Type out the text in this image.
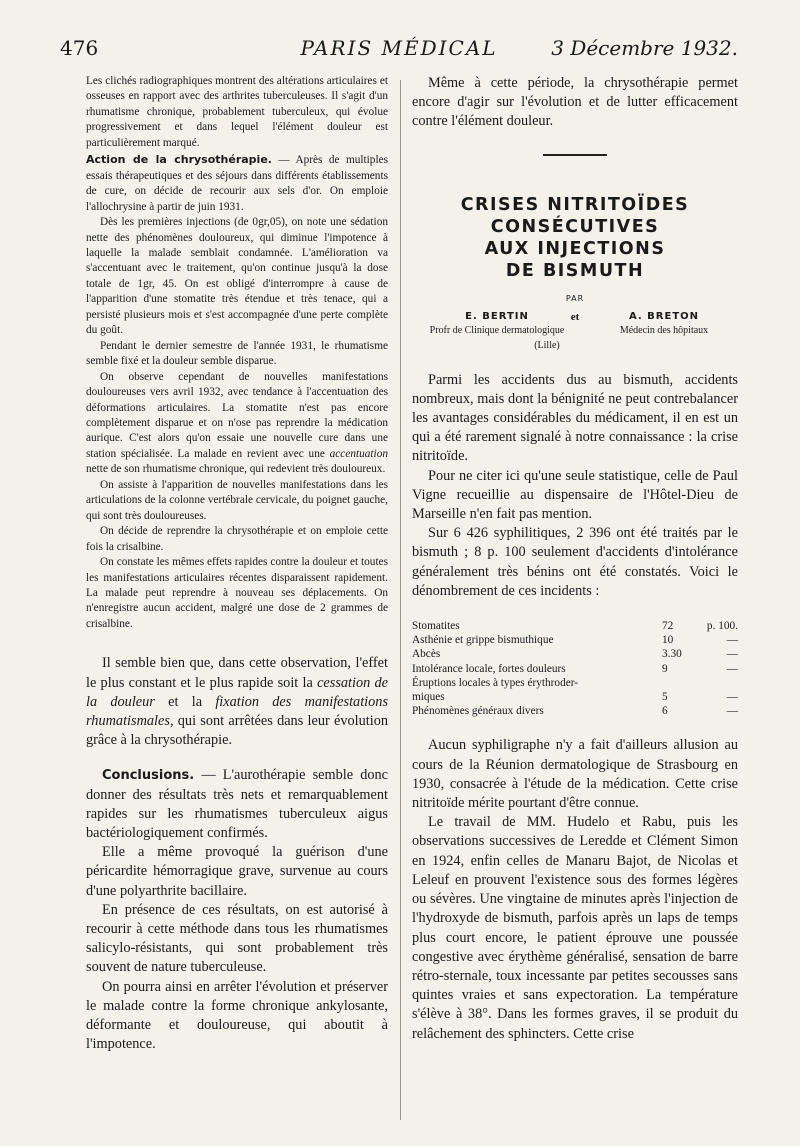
476	PARIS MÉDICAL	3 Décembre 1932.

Les clichés radiographiques montrent des altérations articulaires et osseuses en rapport avec des arthrites tuberculeuses. Il s'agit d'un rhumatisme chronique, probablement tuberculeux, qui évolue progressivement et dans lequel l'élément douleur est particulièrement marqué.

Action de la chrysothérapie. — Après de multiples essais thérapeutiques et des séjours dans différents établissements de cure, on décide de recourir aux sels d'or. On emploie l'allochrysine à partir de juin 1931.

Dès les premières injections (de 0gr,05), on note une sédation nette des phénomènes douloureux, qui diminue l'impotence à laquelle la malade semblait condamnée. L'amélioration va s'accentuant avec le traitement, qu'on continue jusqu'à la dose totale de 1gr, 45. On est obligé d'interrompre à cause de l'apparition d'une stomatite très étendue et très tenace, qui a persisté plusieurs mois et s'est accompagnée d'une perte complète du goût.

Pendant le dernier semestre de l'année 1931, le rhumatisme semble fixé et la douleur semble disparue.

On observe cependant de nouvelles manifestations douloureuses vers avril 1932, avec tendance à l'accentuation des déformations articulaires. La stomatite n'est pas encore complètement disparue et on n'ose pas reprendre la médication aurique. C'est alors qu'on essaie une nouvelle cure dans une station spécialisée. La malade en revient avec une accentuation nette de son rhumatisme chronique, qui redevient très douloureux.

On assiste à l'apparition de nouvelles manifestations dans les articulations de la colonne vertébrale cervicale, du poignet gauche, qui sont très douloureuses.

On décide de reprendre la chrysothérapie et on emploie cette fois la crisalbine.

On constate les mêmes effets rapides contre la douleur et toutes les manifestations articulaires récentes disparaissent rapidement. La malade peut reprendre à nouveau ses déplacements. On n'enregistre aucun accident, malgré une dose de 2 grammes de crisalbine.

Il semble bien que, dans cette observation, l'effet le plus constant et le plus rapide soit la cessation de la douleur et la fixation des manifestations rhumatismales, qui sont arrêtées dans leur évolution grâce à la chrysothérapie.

Conclusions. — L'aurothérapie semble donc donner des résultats très nets et remarquablement rapides sur les rhumatismes tuberculeux aigus bactériologiquement confirmés.

Elle a même provoqué la guérison d'une péricardite hémorragique grave, survenue au cours d'une polyarthrite bacillaire.

En présence de ces résultats, on est autorisé à recourir à cette méthode dans tous les rhumatismes salicylo-résistants, qui sont probablement très souvent de nature tuberculeuse.

On pourra ainsi en arrêter l'évolution et préserver le malade contre la forme chronique ankylosante, déformante et douloureuse, qui aboutit à l'impotence.

Même à cette période, la chrysothérapie permet encore d'agir sur l'évolution et de lutter efficacement contre l'élément douleur.

CRISES NITRITOÏDES
CONSÉCUTIVES
AUX INJECTIONS
DE BISMUTH
PAR
E. BERTIN
Profr de Clinique dermatologique
et	A. BRETON
Médecin des hôpitaux
(Lille)

Parmi les accidents dus au bismuth, accidents nombreux, mais dont la bénignité ne peut contrebalancer les avantages considérables du médicament, il en est un qui a été rarement signalé à notre connaissance : la crise nitritoïde.

Pour ne citer ici qu'une seule statistique, celle de Paul Vigne recueillie au dispensaire de l'Hôtel-Dieu de Marseille n'en fait pas mention.

Sur 6 426 syphilitiques, 2 396 ont été traités par le bismuth ; 8 p. 100 seulement d'accidents d'intolérance généralement très bénins ont été constatés. Voici le dénombrement de ces incidents :

Stomatites	72	p. 100.
Asthénie et grippe bismuthique	10	—
Abcès	3.30	—
Intolérance locale, fortes douleurs	9	—
Éruptions locales à types érythroder-		
miques	5	—
Phénomènes généraux divers	6	—

Aucun syphiligraphe n'y a fait d'ailleurs allusion au cours de la Réunion dermatologique de Strasbourg en 1930, consacrée à l'étude de la médication. Cette crise nitritoïde mérite pourtant d'être connue.

Le travail de MM. Hudelo et Rabu, puis les observations successives de Leredde et Clément Simon en 1924, enfin celles de Manaru Bajot, de Nicolas et Leleuf en prouvent l'existence sous des formes légères ou sévères. Une vingtaine de minutes après l'injection de l'hydroxyde de bismuth, parfois après un laps de temps plus court encore, le patient éprouve une poussée congestive avec érythème généralisé, sensation de barre rétro-sternale, toux incessante par petites secousses sans quintes vraies et sans expectoration. La température s'élève à 38°. Dans les formes graves, il se produit du relâchement des sphincters. Cette crise
